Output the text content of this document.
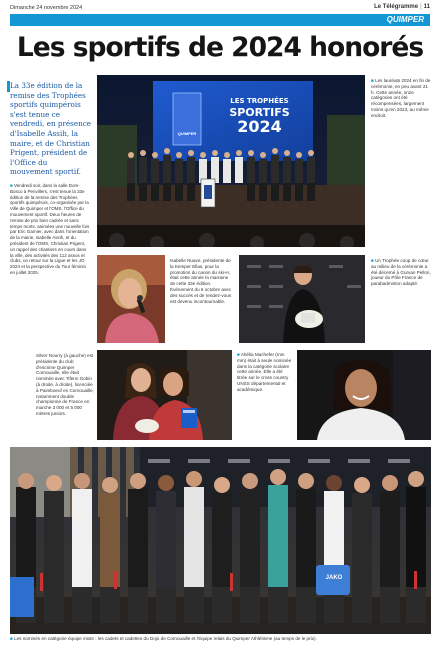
Dimanche 24 novembre 2024	Le Télégramme | 11
QUIMPER
Les sportifs de 2024 honorés
La 33e édition de la remise des Trophées sportifs quimpérois s'est tenue ce vendredi, en présence d'Isabelle Assih, la maire, et de Christian Prigent, président de l'Office du mouvement sportif.
■ Vendredi soir, dans la salle Dom-Bosco à Penvillers, s'est tenue la 33e édition de la remise des Trophées sportifs quimpérois, co-organisée par la Ville de Quimper et l'OMS, l'Office du mouvement sportif. Deux heures de remise de prix bien cadrée et sans temps morts, animées une nouvelle fois par Eric Garnier, avec dans l'orientation de la mairie, Isabelle Assih, et du président de l'OMS, Christian Prigent, un rappel des chantiers en cours dans la ville, des activités des 112 assos et clubs, un retour sur la Ligue et les JO 2024 et la perspective du Tour féminin en juillet 2025.
LES TROPHÉES
SPORTIFS
2024
QUIMPER
■ Les lauréats 2024 en fin de cérémonie, en peu avant 21 h. Cette année, onze catégories ont été récompensées, largement moins qu'en 2023, au même endroit.
Isabelle Nuave, présidente de la Kemper Ellas, pour la promotion du canon du ski-H, était cette année la marraine de cette 33e édition. Événement du 6 octobre avec des succès et de rendez-vous est devenu incontournable.
■ Un Trophée coup de cœur au milieu de la cérémonie a été décerné à Gurvan Pellon, joueur du Pôle France de parabadminton adapté.
Silver Nourry (à gauche) est présidente du club d'escrime Quimper Cornouaille, elle était nominée avec Tifenn Gobin (à droite, à droite), licenciée à Paimboeuf en Cornouaille, notamment double championne de France en marche 3 000 et 5 000 mètres juniors.
■ Ahélia Machefer (mm mm) était à seule nominée dans la catégorie scolaire cette année. Elle a été titrée sur le cross country UNSS départemental et académique.
JAKO
■ Les nominés en catégorie équipe mixte : les cadets et cadettes du Dojo de Cornouaille et l'équipe relais du Quimper Athlétisme (au temps de le prix).
